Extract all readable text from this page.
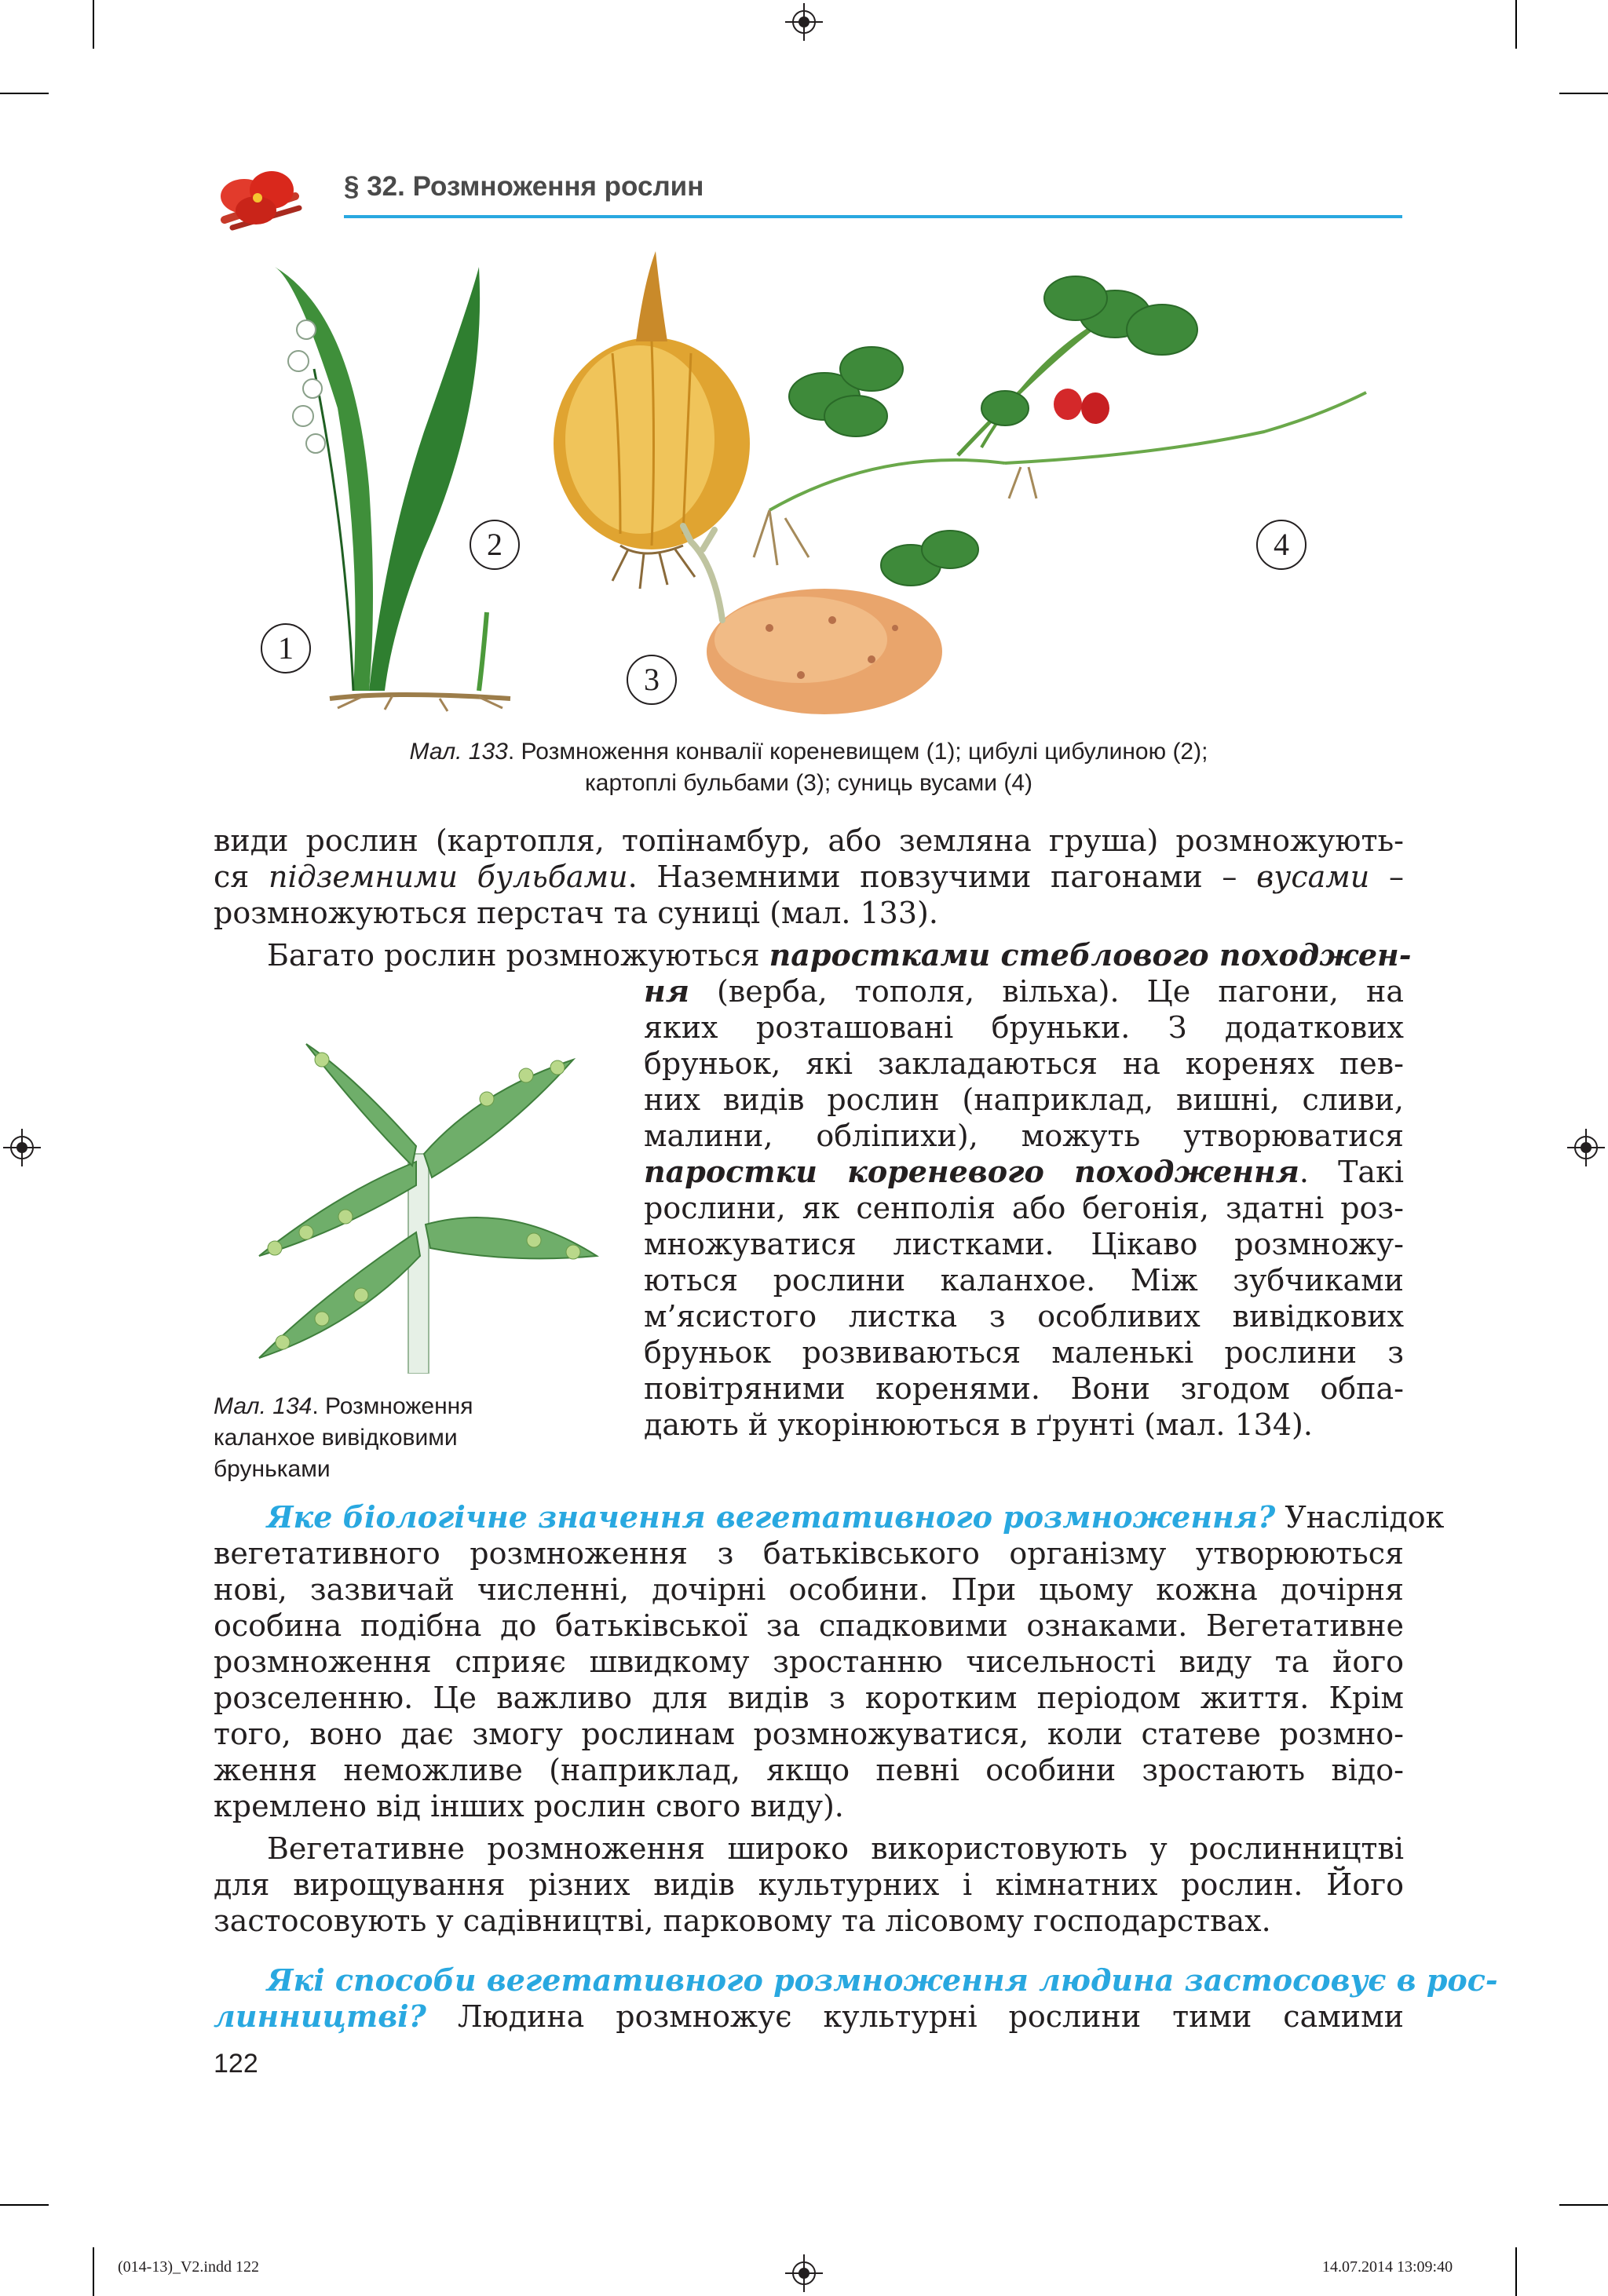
§ 32. Розмноження рослин
1
2
3
4
Мал. 133. Розмноження конвалії кореневищем (1); цибулі цибулиною (2);
картоплі бульбами (3); суниць вусами (4)
види рослин (картопля, топінамбур, або земляна груша) розмножують-
ся підземними бульбами. Наземними повзучими пагонами – вусами –
розмножуються перстач та суниці (мал. 133).
Багато рослин розмножуються паростками стеблового походжен-
Мал. 134. Розмноження
каланхое вивідковими
бруньками
ня (верба, тополя, вільха). Це пагони, на
яких розташовані бруньки. З додаткових
бруньок, які закладаються на коренях пев-
них видів рослин (наприклад, вишні, сливи,
малини, обліпихи), можуть утворюватися
паростки кореневого походження. Такі
рослини, як сенполія або бегонія, здатні роз-
множуватися листками. Цікаво розмножу-
ються рослини каланхое. Між зубчиками
м’ясистого листка з особливих вивідкових
бруньок розвиваються маленькі рослини з
повітряними коренями. Вони згодом обпа-
дають й укорінюються в ґрунті (мал. 134).
Яке біологічне значення вегетативного розмноження? Унаслідок
вегетативного розмноження з батьківського організму утворюються
нові, зазвичай численні, дочірні особини. При цьому кожна дочірня
особина подібна до батьківської за спадковими ознаками. Вегетативне
розмноження сприяє швидкому зростанню чисельності виду та його
розселенню. Це важливо для видів з коротким періодом життя. Крім
того, воно дає змогу рослинам розмножуватися, коли статеве розмно-
ження неможливе (наприклад, якщо певні особини зростають відо-
кремлено від інших рослин свого виду).
Вегетативне розмноження широко використовують у рослинництві
для вирощування різних видів культурних і кімнатних рослин. Його
застосовують у садівництві, парковому та лісовому господарствах.
Які способи вегетативного розмноження людина застосовує в рос-
линництві? Людина розмножує культурні рослини тими самими
122
(014-13)_V2.indd 122	14.07.2014 13:09:40
